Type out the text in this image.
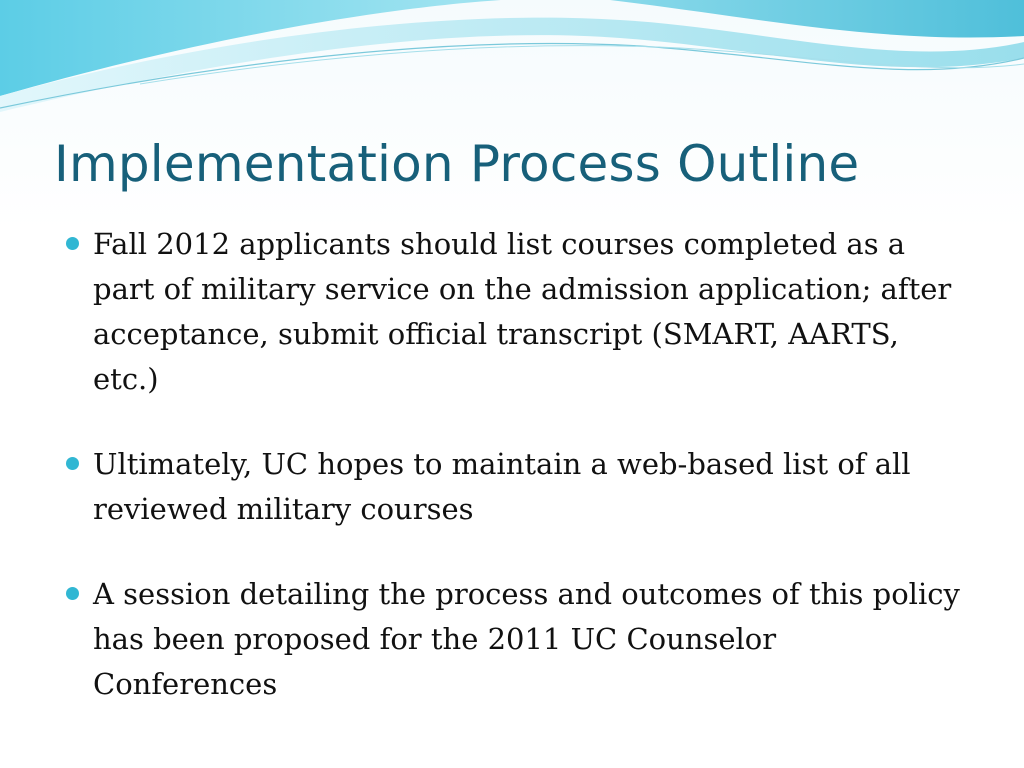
Implementation Process Outline
Fall 2012 applicants should list courses completed as a part of military service on the admission application; after acceptance, submit official transcript (SMART, AARTS, etc.)
Ultimately, UC hopes to maintain a web-based list of all reviewed military courses
A session detailing the process and outcomes of this policy has been proposed for the 2011 UC Counselor Conferences
